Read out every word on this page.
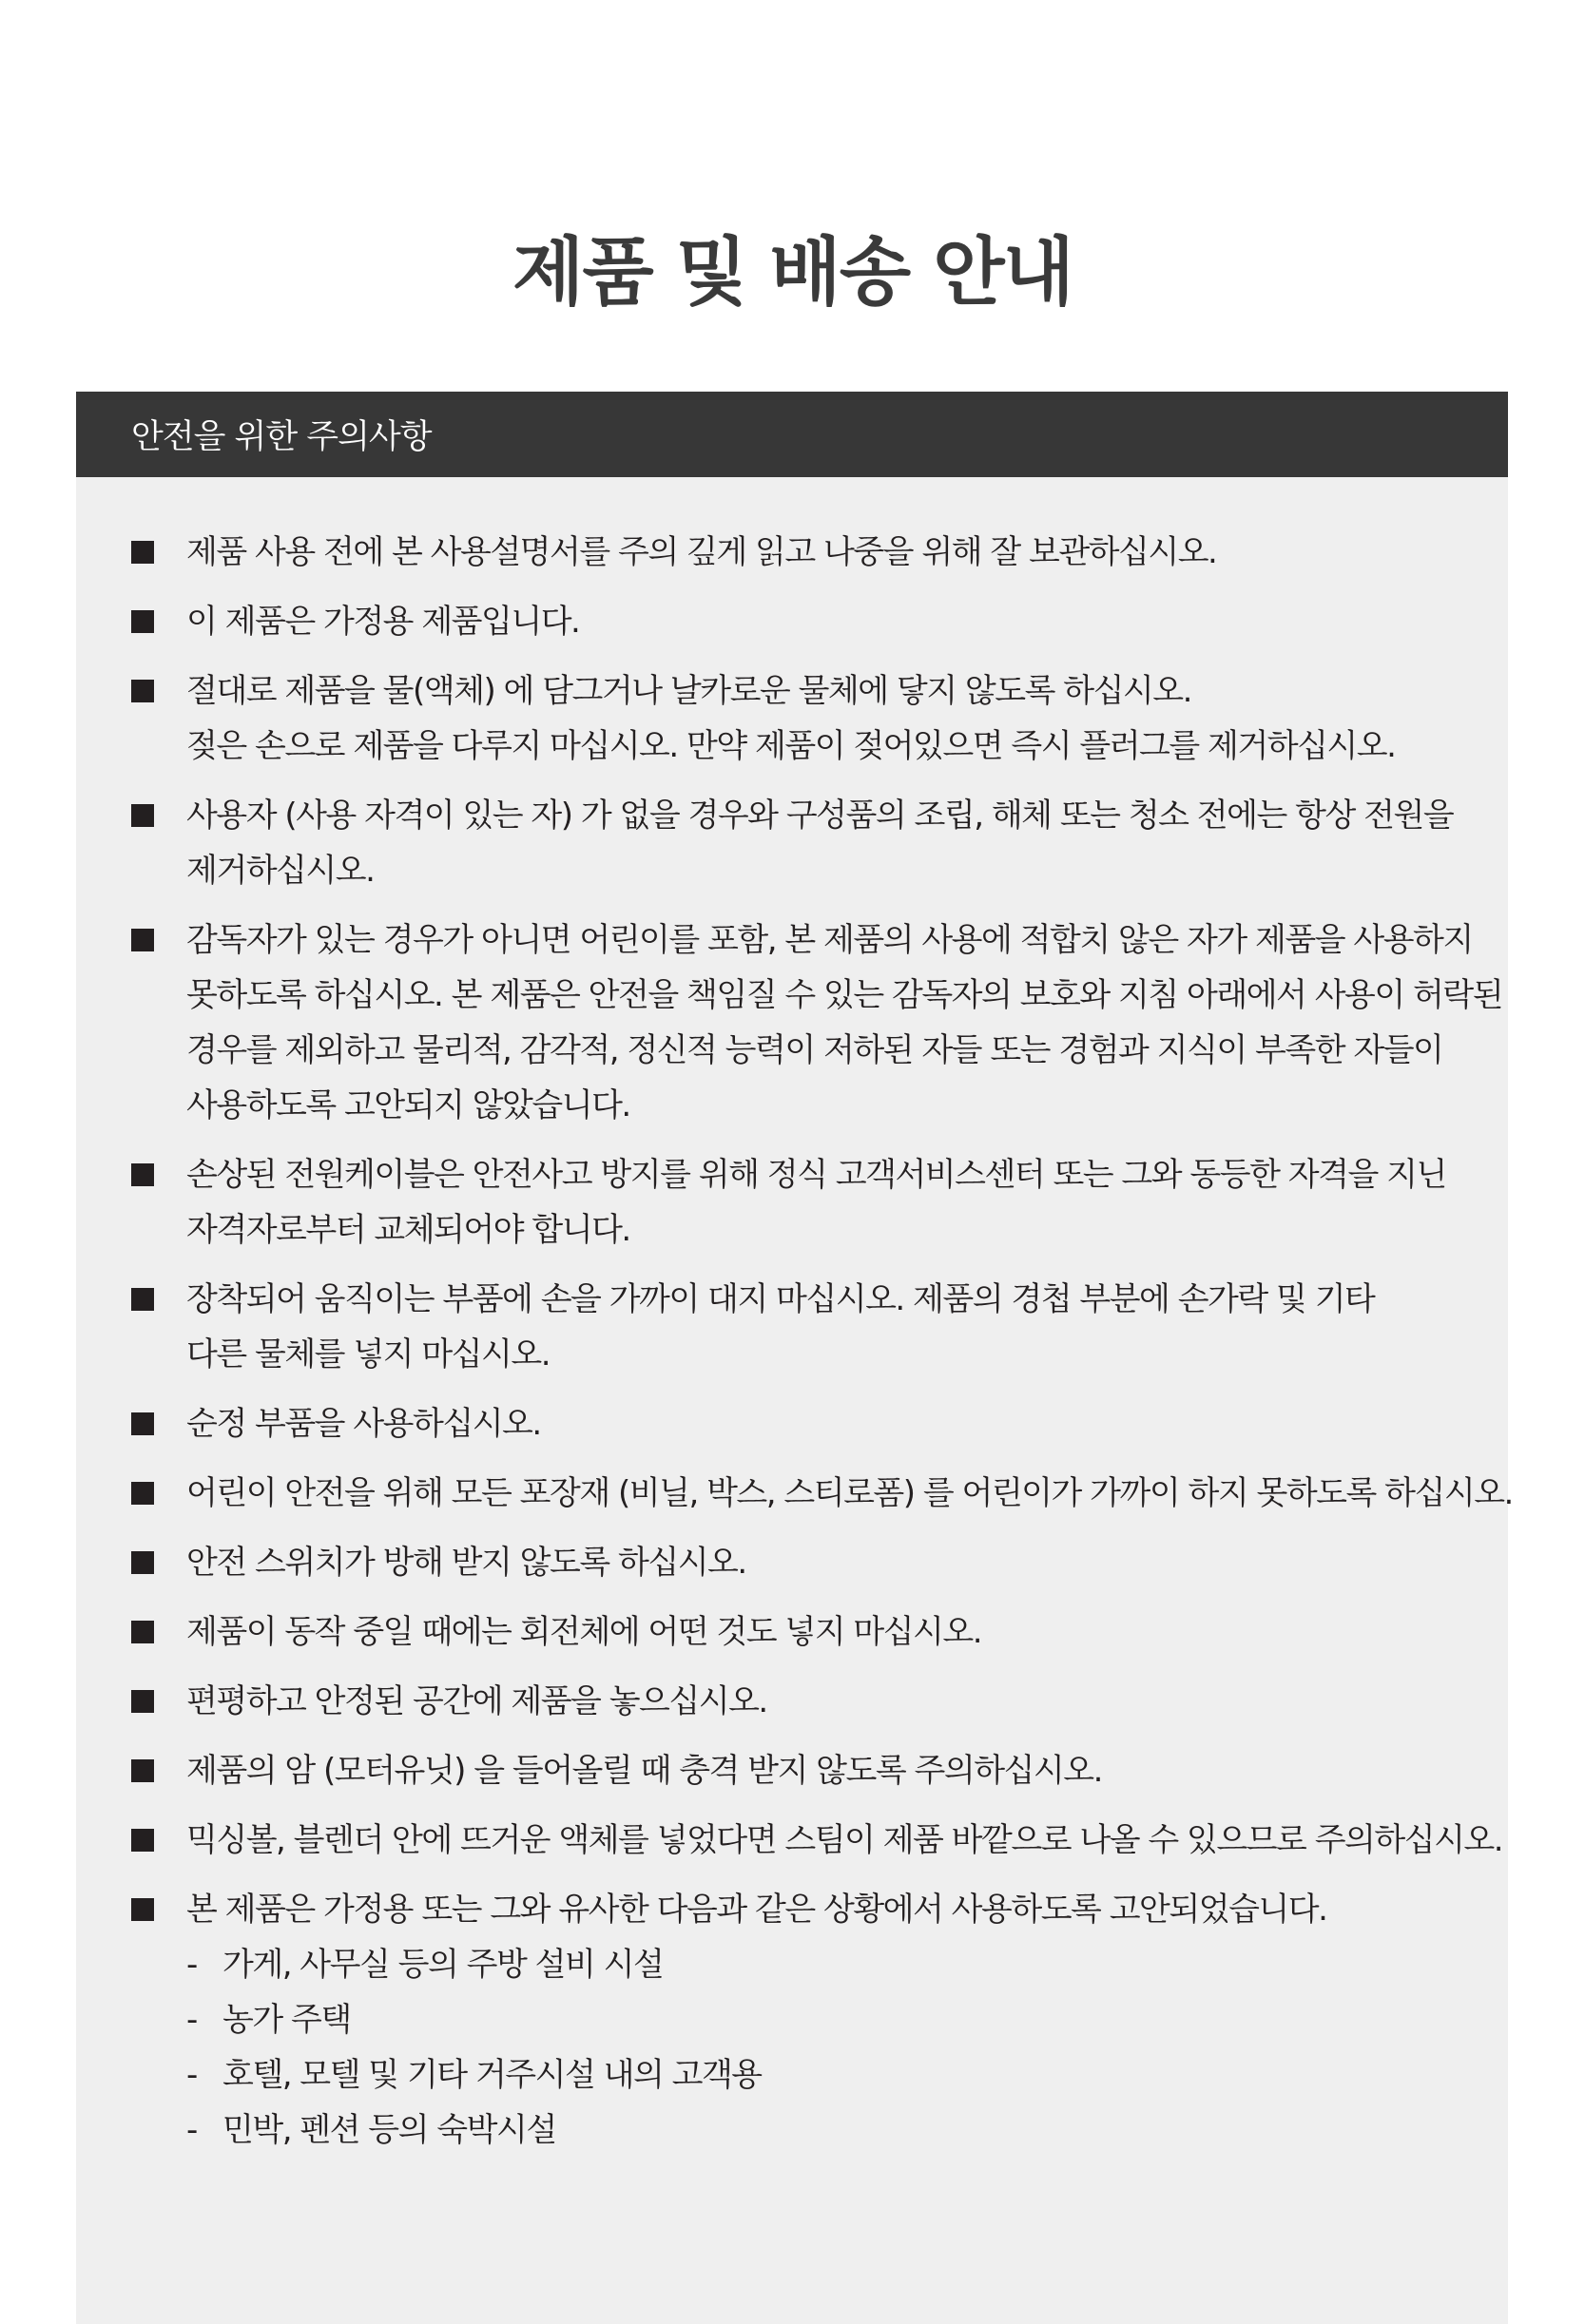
제품 및 배송 안내
안전을 위한 주의사항
제품 사용 전에 본 사용설명서를 주의 깊게 읽고 나중을 위해 잘 보관하십시오.
이 제품은 가정용 제품입니다.
절대로 제품을 물(액체) 에 담그거나 날카로운 물체에 닿지 않도록 하십시오.
젖은 손으로 제품을 다루지 마십시오. 만약 제품이 젖어있으면 즉시 플러그를 제거하십시오.
사용자 (사용 자격이 있는 자) 가 없을 경우와 구성품의 조립, 해체 또는 청소 전에는 항상 전원을
제거하십시오.
감독자가 있는 경우가 아니면 어린이를 포함, 본 제품의 사용에 적합치 않은 자가 제품을 사용하지
못하도록 하십시오. 본 제품은 안전을 책임질 수 있는 감독자의 보호와 지침 아래에서 사용이 허락된
경우를 제외하고 물리적, 감각적, 정신적 능력이 저하된 자들 또는 경험과 지식이 부족한 자들이
사용하도록 고안되지 않았습니다.
손상된 전원케이블은 안전사고 방지를 위해 정식 고객서비스센터 또는 그와 동등한 자격을 지닌
자격자로부터 교체되어야 합니다.
장착되어 움직이는 부품에 손을 가까이 대지 마십시오. 제품의 경첩 부분에 손가락 및 기타
다른 물체를 넣지 마십시오.
순정 부품을 사용하십시오.
어린이 안전을 위해 모든 포장재 (비닐, 박스, 스티로폼) 를 어린이가 가까이 하지 못하도록 하십시오.
안전 스위치가 방해 받지 않도록 하십시오.
제품이 동작 중일 때에는 회전체에 어떤 것도 넣지 마십시오.
편평하고 안정된 공간에 제품을 놓으십시오.
제품의 암 (모터유닛) 을 들어올릴 때 충격 받지 않도록 주의하십시오.
믹싱볼, 블렌더 안에 뜨거운 액체를 넣었다면 스팀이 제품 바깥으로 나올 수 있으므로 주의하십시오.
본 제품은 가정용 또는 그와 유사한 다음과 같은 상황에서 사용하도록 고안되었습니다.
- 가게, 사무실 등의 주방 설비 시설
- 농가 주택
- 호텔, 모텔 및 기타 거주시설 내의 고객용
- 민박, 펜션 등의 숙박시설
